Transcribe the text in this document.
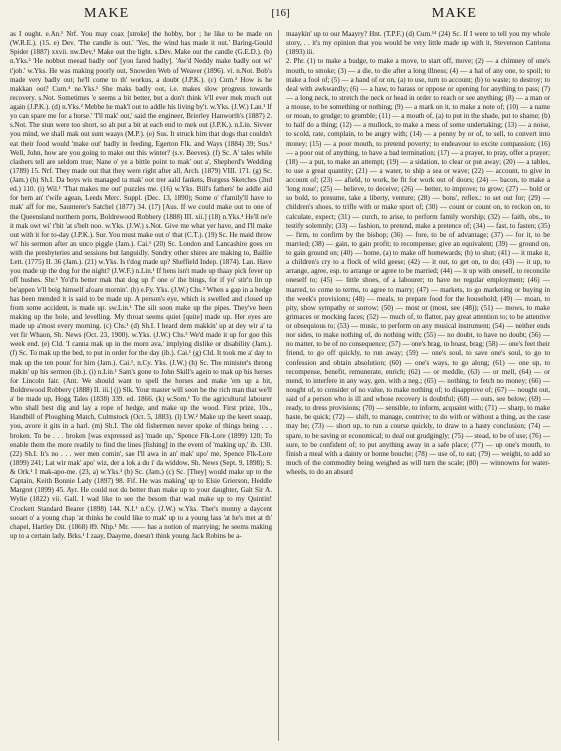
MAKE	[16]	MAKE

as I ought. e.An.¹ Nrf. You may coax [stroke] the hobby, bor ; he like to be made on (W.R.E.). (15. e) Dev. 'The candle is out.' 'Yes, the wind has made it out.' Baring-Gould Spider (1887) xxvii. nw.Dev.¹ Make out the light. s.Dev. Make out the candle (G.E.D.). (b) n.Yks.² 'He nobbut meead badly oot' [you fared badly]. 'Aw'd Neddy make badly oot wi' t'job.' w.Yks. He was making poorly out, Snowden Web of Weaver (1896). vi. n.Not. Bob's made very badly out; he'll come to th' workus, a doubt (J.P.K.). (c) Cum.³ How is he makkan oot? Cum.⁴ ne.Yks.¹ She maks badly oot, i.e. makes slow progress towards recovery. s.Not. Sometimes 'e seems a bit better, but a don't think 'e'll ever mek much out again (J.P.K.). (d) n.Yks.² Mebbe he mak'l out to addle his living by't. w.Yks. (J.W.) Lan.¹ If yo can spare me for a horse.' 'I'll mak' out,' said the engineer, Brierley Hanworth's (1887) 2. s.Not. The stun were too short, so ah put a bit at each end to mek out (J.P.K.). n.Lin. Sivver you mind, we shall mak out sum waays (M.P.). (e) Sus. It struck him that dogs that couldn't eat their food would 'make out' badly in feeding, Egerton Flk. and Ways (1884) 39; Sus.¹ Well, John, how are you going to make out this winter? (s.v. Beeves). (f) Sc. A' tales while clashers tell are seldom true; Nane o' ye a bittle point to mak' out a', Shepherd's Wedding (1789) 15. Nrf. They made out that they were right after all, Arch. (1879) VIII. 171. (g) Sc. (Jam.) (h) Sh.I. Da boys wis managed ta mak' oot trer aald fankets, Burgess Sketches (2nd ed.) 110. (i) Wil.¹ 'That makes me out' puzzles me. (16) w.Yks. Bill's fathers' he addle aid for hem an' t'wife agean, Leeds Merc. Suppl. (Dec. 13, 1890); Some o' t'family'll have to mak' aff for me, Saunterer's Satchel (1877) 34. (17) [Aus. If we could make out to one of the Queensland northern ports, Boldrewood Robbery (1888) III. xii.] (18) n.Yks.⁴ He'll ne'e it mak owt wi' t'bit 'at s'belt noo. w.Yks. (J.W.) s.Not. Give me what yer have, and I'll make out with it for to-day (J.P.K.). Sur. You must make out o' that (C.T.). (19) Sc. He maid throw wi' his sermon after an unco piggle (Jam.). Cai.¹ (20) Sc. London and Lancashire goes on with the presbyteries and sessions but languidly. Sundry other shires are making to, Baillie Lett. (1775) II. 36 (Jam.). (21) w.Yks. Is t'dog made up? Sheffield Indep. (1874). Lan. Have you made up the dog for the night? (J.W.F.) n.Lin.¹ If hens isn't made up thaay pick fever up off bushes. Shr.¹ Yo'd'n better mak that dog up f' one o' the bings, for if yo' stir'n lin up be'appen 'e'll beig himself afoare mornin'. (b) e.Fy. Yks. (J.W.) Chs.³ When a gap in a hedge has been mended it is said to be made up. A person's eye, which is swelled and closed up from some accident, is made up. sw.Lin.¹ The silt soon make up the pipes. They've been making up the hole, and levelling. My throat seems quiet [quite] made up. Her eyes are made up a'most every morning. (c) Chs.¹ (d) Sh.I. I heard dem makkin' up at dey wir a' ta vet fir Whaon, Sh. News (Oct. 23, 1900). w.Yks. (J.W.) Chs.³ We'd made it up for goo this week end. (e) Cld. 'I canna mak up in the morn ava,' implying dislike or disability (Jam.). (f) Sc. To mak up the bed, to put in order for the day (ib.). Cai.¹ (g) Cld. It took me a' day to mak up the ten poun' for him (Jam.). Cai.¹, n.Cy. Yks. (J.W.) (h) Sc. The minister's throng makin' up his sermon (ib.). (i) n.Lin.¹ Sam's gone to John Skill's agein to mak up his herses for Lincoln fair. (Ant. We should want to spell the horses and make 'em up a bit, Boldrewood Robbery (1888) II. iii.] (j) Slk. Your master will soon be the rich man that we'll a' be made up, Hogg Tales (1838) 339. ed. 1866. (k) w.Som.¹ To the agricultural labourer who shall best dig and lay a rope of hedge, and make up the wood. First prize, 10s., Handbill of Ploughing Match, Culmstock (Oct. 5, 1883). (l) I.W.² Make up the keert soaap, you, avore it gits in a harl. (m) Sh.I. The old fishermen never spoke of things being . . . broken. To be . . . broken [was expressed as] 'made up,' Spence Flk-Lore (1899) 120; To enable them the more readily to find the lines [fishing] in the event of 'making up,' ib. 130. (22) Sh.I. It's no . . . wer men comin', sae I'll awa in an' mak' upo' me, Spence Flk-Lore (1899) 241; Lat wir mak' apo' wiz, der a lok a du i' da widdow, Sh. News (Sept. 9, 1898); S. & Ork.¹ I mak-apo-me. (23, a) w.Yks.¹ (b) Sc. (Jam.) (c) Sc. [They] would make up to the Captain, Keith Bonnie Lady (1897) 98. Fif. He was making' up to Elsie Grierson, Heddle Margret (1899) 45. Ayr. He could not do better than make up to your daughter, Galt Sir A. Wylie (1822) vii. Gall. I wad like to see the besom that wad make up to my Quintin! Crockett Standard Bearer (1898) 144. N.I.¹ n.Cy. (J.W.) w.Yks. Ther's monny a daycent sooart o' a young chap 'at thinks he could like to mak' up to a young lass 'at he's met at th' chapel, Hartley Dit. (1868) 89. Nhp.¹ Mr. —— has a notion of marrying; he seems making up to a certain lady. Brks.¹ I zaay, Daayme, doesn't think young Jack Robins be a-

maaykin' up to our Maayry? Hnt. (T.P.F.) (d) Cum.¹⁴ (24) Sc. If I were to tell you my whole story, . . it's my opinion that you would be very little made up with it, Stevenson Catriona (1893) iii.
2. Phr. (1) to make a budge, to make a move, to start off, move; (2) — a chimney of one's mouth, to smoke; (3) — a die, to die after a long illness; (4) — a hal of any one, to spoil; to make a fool of; (5) — a hand of or on, (a) to use, turn to account; (b) to waste; to destroy; to deal with awkwardly; (6) — a haw, to harass or oppose or opening for anything to pass; (7) — a long neck, to stretch the neck or head in order to reach or see anything; (8) — a man or a mouse, to be something or nothing; (9) — a mark on it, to make a note of; (10) — a name or moan, to grudge; to grumble; (11) — a mouth of, (a) to put in the shade, put to shame; (b) to half do a thing; (12) — a mullock, to make a mess of some undertaking; (13) — a noise, to scold, rate, complain, to be angry with; (14) — a penny by or of, to sell, to convert into money; (15) — a poor mouth, to pretend poverty; to endeavour to excite compassion; (16) — a poor out of anything, to have a bad termination; (17) — a prayer, to pray, offer a prayer; (18) — a put, to make an attempt; (19) — a sidation, to clear or put away; (20) — a tables, to use a great quantity; (21) — a water, to ship a sea or wave; (22) — account, to give in account of; (23) — afield, to work, be fit for work out of doors; (24) — bacon, to make a 'long nose'; (25) — believe, to deceive; (26) — better, to improve; to grow; (27) — bold or so bold, to presume, take a liberty, venture; (28) — bons', reflex.: to set out for; (29) — children's shoes, to trifle with or make sport of; (30) — count or count on, to reckon on, to calculate, expect; (31) — curch, to arise, to perform family worship; (32) — faith, obs., to testify solemnly; (33) — fashion, to pretend, make a pretence of; (34) — fast, to fasten; (35) — firm, to confirm by the bishop; (36) — fore, to be of advantage; (37) — for it, to be married; (38) — gain, to gain profit; to recompense; give an equivalent; (39) — ground on, to gain ground on; (40) — home, (a) to make off homewards; (b) to shut; (41) — it make it, a children's cry to a flock of wild geese; (42) — it out, to get on, to do; (43) — it up, to arrange, agree, esp. to arrange or agree to be married; (44) — it up with oneself, to reconcile oneself to; (45) — little shoes, of a labourer; to have no regular employment; (46) — marred, to come to terms, to agree to marry; (47) — markets, to go marketing or buying in the week's provisions; (48) — meals, to prepare food for the household; (49) — moan, to pity, show sympathy or sorrow; (50) — most or (most, see (48)); (51) — mows, to make grimaces or mocking faces; (52) — much of, to flatter, pay great attention to; to be attentive or obsequious to; (53) — music, to perform on any musical instrument; (54) — neither ends nor sides, to make nothing of, do nothing with; (55) — no doubt, to have no doubt; (56) — no matter, to be of no consequence; (57) — one's brag, to boast, brag; (58) — one's feet their friend, to go off quickly, to run away; (59) — one's soul, to save one's soul, to go to confession and obtain absolution; (60) — one's ways, to go along; (61) — one up, to recompense, benefit, remunerate, enrich; (62) — or meddle, (63) — or mell, (64) — or mend, to interfere in any way, gen. with a neg.; (65) — nothing, to fetch no money; (66) — nought of, to consider of no value, to make nothing of; to disapprove of; (67) — nought out, said of a person who is ill and whose recovery is doubtful; (68) — outs, see below; (69) — ready, to dress provisions; (70) — sensible, to inform, acquaint with; (71) — sharp, to make haste, be quick; (72) — shift, to manage, contrive; to do with or without a thing, as the case may be; (73) — short up, to run a course quickly, to draw to a hasty conclusion; (74) — spare, to be saving or economical; to deal out grudgingly; (75) — stead, to be of use; (76) — sure, to be confident of; to put anything away in a safe place; (77) — up one's mouth, to finish a meal with a dainty or bonne bouche; (78) — use of, to eat; (79) — weight, to add so much of the commodity being weighed as will turn the scale; (80) — winnowns for water-wheels, to do an absurd
